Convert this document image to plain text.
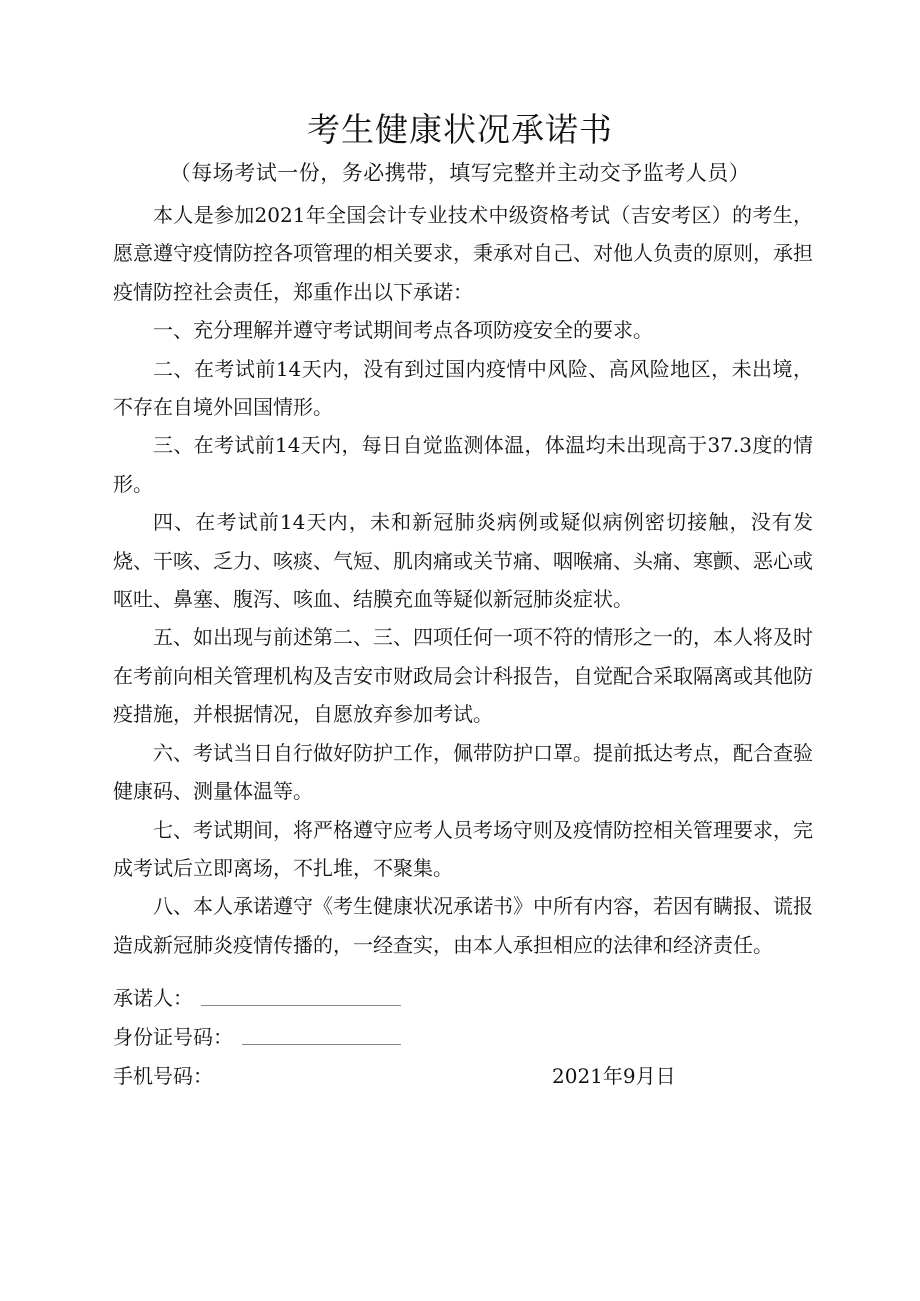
考生健康状况承诺书
（每场考试一份，务必携带，填写完整并主动交予监考人员）

本人是参加2021年全国会计专业技术中级资格考试（吉安考区）的考生，愿意遵守疫情防控各项管理的相关要求，秉承对自己、对他人负责的原则，承担疫情防控社会责任，郑重作出以下承诺：

一、充分理解并遵守考试期间考点各项防疫安全的要求。

二、在考试前14天内，没有到过国内疫情中风险、高风险地区，未出境，不存在自境外回国情形。

三、在考试前14天内，每日自觉监测体温，体温均未出现高于37.3度的情形。

四、在考试前14天内，未和新冠肺炎病例或疑似病例密切接触，没有发烧、干咳、乏力、咳痰、气短、肌肉痛或关节痛、咽喉痛、头痛、寒颤、恶心或呕吐、鼻塞、腹泻、咳血、结膜充血等疑似新冠肺炎症状。

五、如出现与前述第二、三、四项任何一项不符的情形之一的，本人将及时在考前向相关管理机构及吉安市财政局会计科报告，自觉配合采取隔离或其他防疫措施，并根据情况，自愿放弃参加考试。

六、考试当日自行做好防护工作，佩带防护口罩。提前抵达考点，配合查验健康码、测量体温等。

七、考试期间，将严格遵守应考人员考场守则及疫情防控相关管理要求，完成考试后立即离场，不扎堆，不聚集。

八、本人承诺遵守《考生健康状况承诺书》中所有内容，若因有瞒报、谎报造成新冠肺炎疫情传播的，一经查实，由本人承担相应的法律和经济责任。

承诺人：
身份证号码：
手机号码：	2021年9月日
